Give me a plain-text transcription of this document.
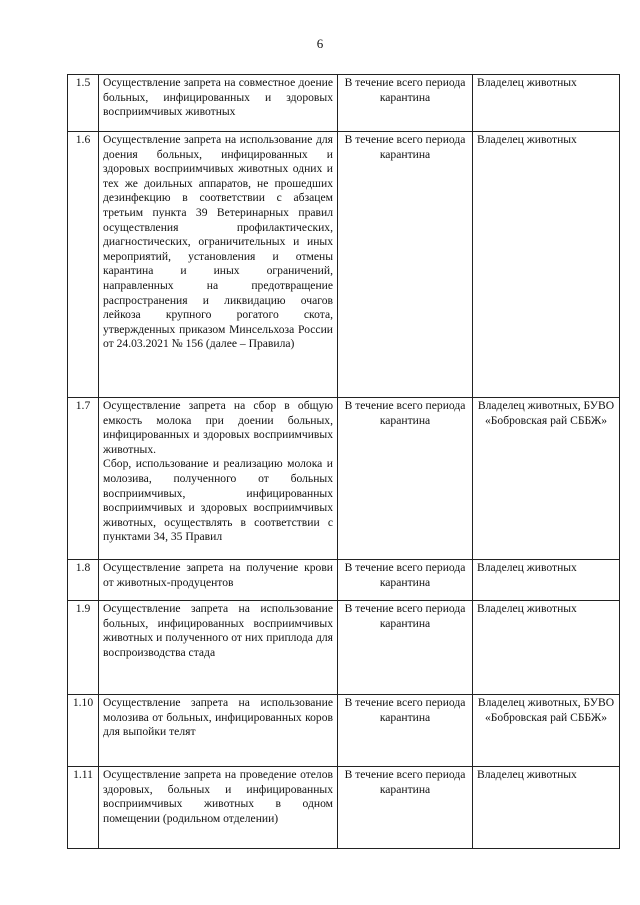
6
1.5	Осуществление запрета на совместное доение больных, инфицированных и здоровых восприимчивых животных	В течение всего периода карантина	Владелец животных
1.6	Осуществление запрета на использование для доения больных, инфицированных и здоровых восприимчивых животных одних и тех же доильных аппаратов, не прошедших дезинфекцию в соответствии с абзацем третьим пункта 39 Ветеринарных правил осуществления профилактических, диагностических, ограничительных и иных мероприятий, установления и отмены карантина и иных ограничений, направленных на предотвращение распространения и ликвидацию очагов лейкоза крупного рогатого скота, утвержденных приказом Минсельхоза России от 24.03.2021 № 156 (далее – Правила)	В течение всего периода карантина	Владелец животных
1.7	Осуществление запрета на сбор в общую емкость молока при доении больных, инфицированных и здоровых восприимчивых животных.
Сбор, использование и реализацию молока и молозива, полученного от больных восприимчивых, инфицированных восприимчивых и здоровых восприимчивых животных, осуществлять в соответствии с пунктами 34, 35 Правил	В течение всего периода карантина	Владелец животных, БУВО «Бобровская рай СББЖ»
1.8	Осуществление запрета на получение крови от животных-продуцентов	В течение всего периода карантина	Владелец животных
1.9	Осуществление запрета на использование больных, инфицированных восприимчивых животных и полученного от них приплода для воспроизводства стада	В течение всего периода карантина	Владелец животных
1.10	Осуществление запрета на использование молозива от больных, инфицированных коров для выпойки телят	В течение всего периода карантина	Владелец животных, БУВО «Бобровская рай СББЖ»
1.11	Осуществление запрета на проведение отелов здоровых, больных и инфицированных восприимчивых животных в одном помещении (родильном отделении)	В течение всего периода карантина	Владелец животных
